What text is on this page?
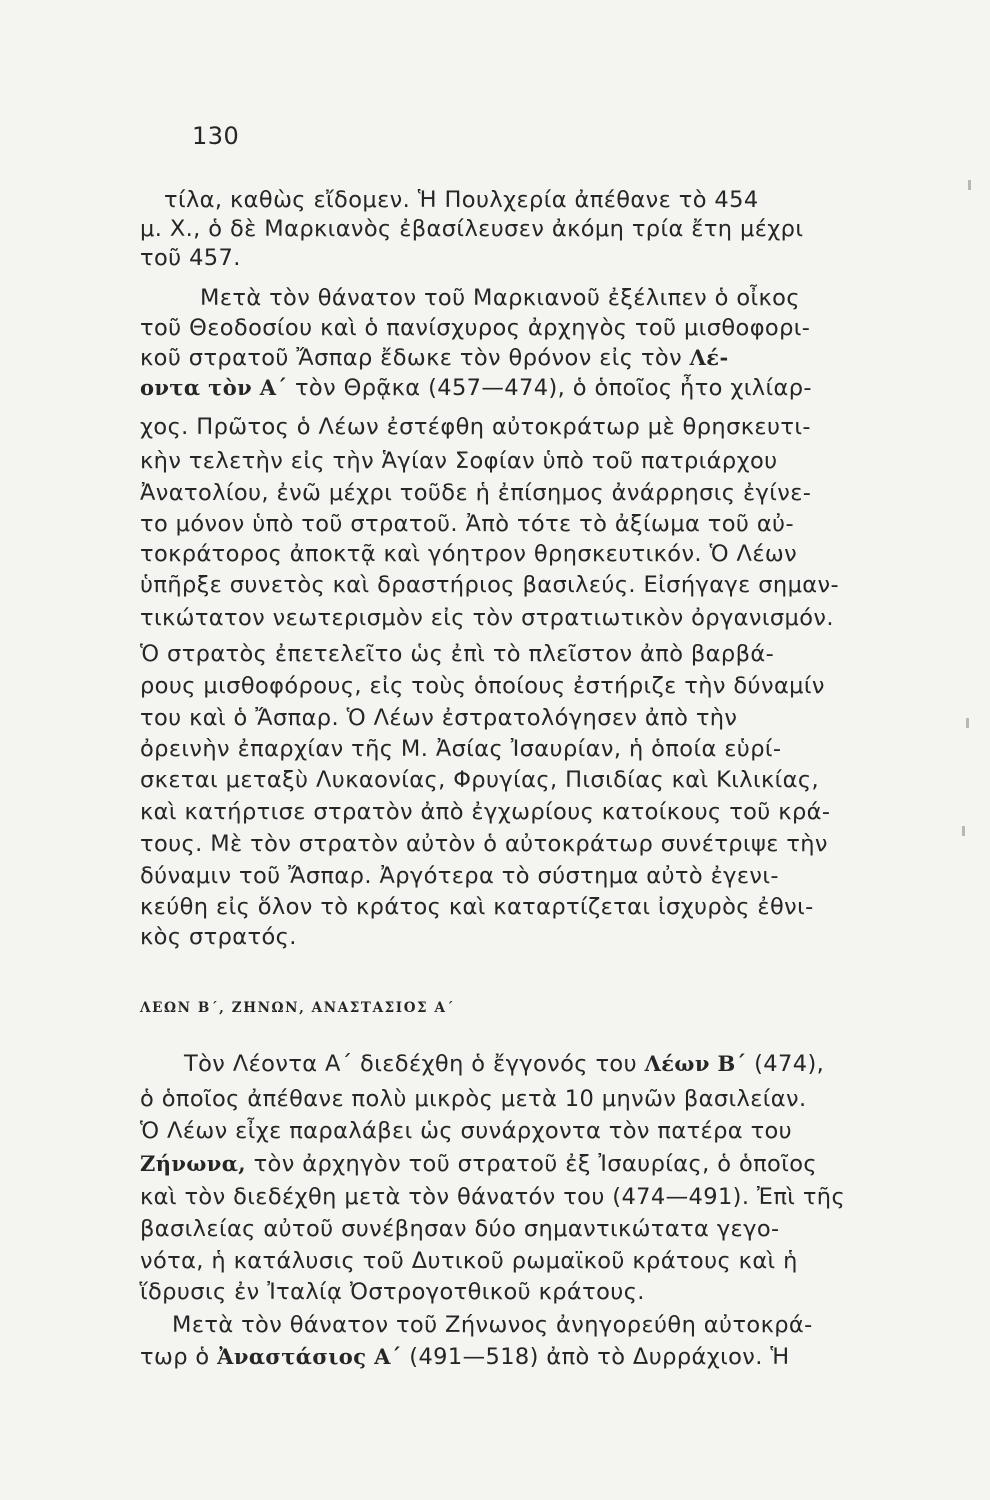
130
τίλα, καθὼς εἴδομεν. Ἡ Πουλχερία ἀπέθανε τὸ 454
μ. Χ., ὁ δὲ Μαρκιανὸς ἐβασίλευσεν ἀκόμη τρία ἔτη μέχρι
τοῦ 457.
Μετὰ τὸν θάνατον τοῦ Μαρκιανοῦ ἐξέλιπεν ὁ οἶκος
τοῦ Θεοδοσίου καὶ ὁ πανίσχυρος ἀρχηγὸς τοῦ μισθοφορι-
κοῦ στρατοῦ Ἄσπαρ ἔδωκε τὸν θρόνον εἰς τὸν Λέ-
οντα τὸν Α´ τὸν Θρᾷκα (457—474), ὁ ὁποῖος ἦτο χιλίαρ-
χος. Πρῶτος ὁ Λέων ἐστέφθη αὐτοκράτωρ μὲ θρησκευτι-
κὴν τελετὴν εἰς τὴν Ἁγίαν Σοφίαν ὑπὸ τοῦ πατριάρχου
Ἀνατολίου, ἐνῶ μέχρι τοῦδε ἡ ἐπίσημος ἀνάρρησις ἐγίνε-
το μόνον ὑπὸ τοῦ στρατοῦ. Ἀπὸ τότε τὸ ἀξίωμα τοῦ αὐ-
τοκράτορος ἀποκτᾷ καὶ γόητρον θρησκευτικόν. Ὁ Λέων
ὑπῆρξε συνετὸς καὶ δραστήριος βασιλεύς. Εἰσήγαγε σημαν-
τικώτατον νεωτερισμὸν εἰς τὸν στρατιωτικὸν ὀργανισμόν.
Ὁ στρατὸς ἐπετελεῖτο ὡς ἐπὶ τὸ πλεῖστον ἀπὸ βαρβά-
ρους μισθοφόρους, εἰς τοὺς ὁποίους ἐστήριζε τὴν δύναμίν
του καὶ ὁ Ἄσπαρ. Ὁ Λέων ἐστρατολόγησεν ἀπὸ τὴν
ὀρεινὴν ἐπαρχίαν τῆς Μ. Ἀσίας Ἰσαυρίαν, ἡ ὁποία εὑρί-
σκεται μεταξὺ Λυκαονίας, Φρυγίας, Πισιδίας καὶ Κιλικίας,
καὶ κατήρτισε στρατὸν ἀπὸ ἐγχωρίους κατοίκους τοῦ κρά-
τους. Μὲ τὸν στρατὸν αὐτὸν ὁ αὐτοκράτωρ συνέτριψε τὴν
δύναμιν τοῦ Ἄσπαρ. Ἀργότερα τὸ σύστημα αὐτὸ ἐγενι-
κεύθη εἰς ὅλον τὸ κράτος καὶ καταρτίζεται ἰσχυρὸς ἐθνι-
κὸς στρατός.
ΛΕΩΝ Β´, ΖΗΝΩΝ, ΑΝΑΣΤΑΣΙΟΣ Α´
Τὸν Λέοντα Α´ διεδέχθη ὁ ἔγγονός του Λέων Β´ (474),
ὁ ὁποῖος ἀπέθανε πολὺ μικρὸς μετὰ 10 μηνῶν βασιλείαν.
Ὁ Λέων εἶχε παραλάβει ὡς συνάρχοντα τὸν πατέρα του
Ζήνωνα, τὸν ἀρχηγὸν τοῦ στρατοῦ ἐξ Ἰσαυρίας, ὁ ὁποῖος
καὶ τὸν διεδέχθη μετὰ τὸν θάνατόν του (474—491). Ἐπὶ τῆς
βασιλείας αὐτοῦ συνέβησαν δύο σημαντικώτατα γεγο-
νότα, ἡ κατάλυσις τοῦ Δυτικοῦ ρωμαϊκοῦ κράτους καὶ ἡ
ἵδρυσις ἐν Ἰταλίᾳ Ὀστρογοτθικοῦ κράτους.
Μετὰ τὸν θάνατον τοῦ Ζήνωνος ἀνηγορεύθη αὐτοκρά-
τωρ ὁ Ἀναστάσιος Α´ (491—518) ἀπὸ τὸ Δυρράχιον. Ἡ
